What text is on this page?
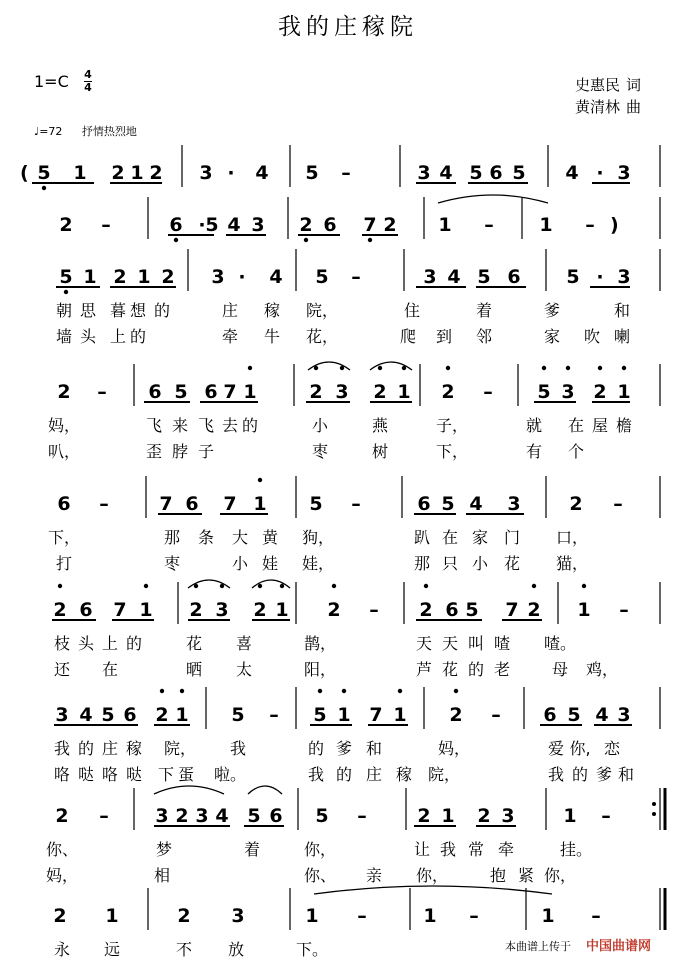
我的庄稼院
1=C 4
4
♩=72 抒情热烈地
史惠民 词
黄清林 曲
(
)
5 1 2 1 2 3 · 4 5 –	3 4 5 6 5 4 · 3
2 –	6 · 5 4 3 2 6 7 2 1 – 1 –
5 1 2 1 2 3 · 4 5 –	3 4 5 6 5 · 3
朝 思 暮 想 的	庄 稼 院，	住	着	爹	和
墙 头 上 的	牵 牛 花，	爬 到 邻	家 吹 喇
2 – 6 5 6 7 1	2 3 2 1 2 – 5 3 2 1
妈，	飞 来 飞 去 的	小	燕	子，	就 在 屋 檐
叭，	歪 脖 子	枣	树	下，	有 个
6 –	7 6 7 1 5 –	6 5 4 3	2 –
下，	那 条 大 黄 狗，	趴 在 家 门 口，
打	枣	小 娃 娃，	那 只 小 花 猫，
2 6 7 1 2 3 2 1 2 – 2 6 5 7 2 1 –
枝 头 上 的	花 喜	鹊，	天 天 叫 喳 喳。
还 在	晒 太	阳，	芦 花 的 老	母 鸡，
3 4 5 6 2 1 5 – 5 1 7 1 2 – 6 5 4 3
我 的 庄 稼 院， 我	的 爹 和	妈，	爱 你, 恋
咯 哒 咯 哒 下 蛋 啦。	我 的 庄 稼 院，	我 的 爹 和
2 – 3 2 3 4 5 6 5 –	2 1 2 3	1 –
你、	梦	着	你，	让 我 常 牵	挂。
妈，	相	你、 亲 你，	抱 紧 你，
2 1	2 3	1 –	1 –	1 –
永 远	不 放	下。	本曲谱上传于 中国曲谱网
